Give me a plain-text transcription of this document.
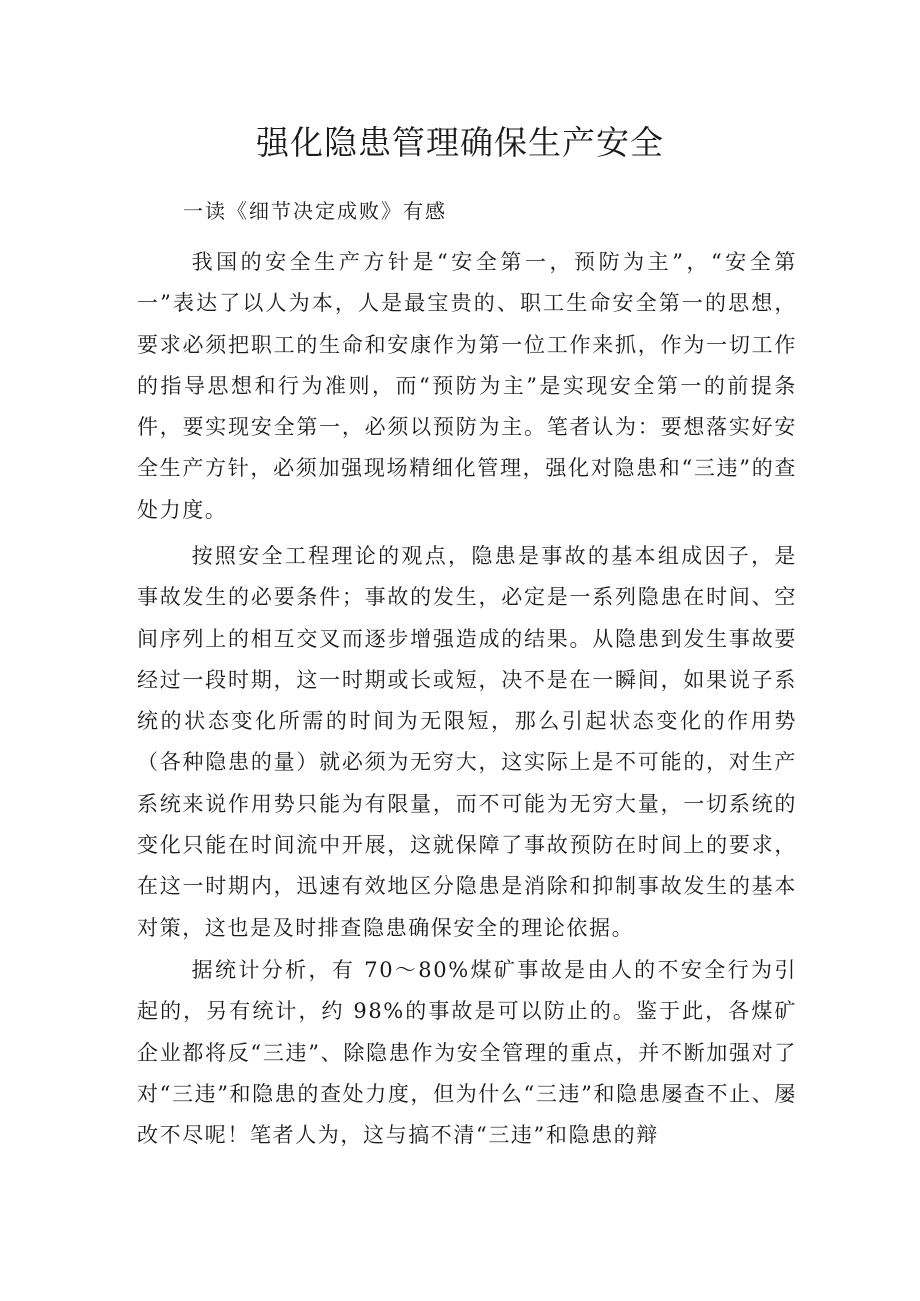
强化隐患管理确保生产安全

一读《细节决定成败》有感

我国的安全生产方针是“安全第一，预防为主”，“安全第一”表达了以人为本，人是最宝贵的、职工生命安全第一的思想，要求必须把职工的生命和安康作为第一位工作来抓，作为一切工作的指导思想和行为准则，而“预防为主”是实现安全第一的前提条件，要实现安全第一，必须以预防为主。笔者认为：要想落实好安全生产方针，必须加强现场精细化管理，强化对隐患和“三违”的查处力度。

按照安全工程理论的观点，隐患是事故的基本组成因子，是事故发生的必要条件；事故的发生，必定是一系列隐患在时间、空间序列上的相互交叉而逐步增强造成的结果。从隐患到发生事故要经过一段时期，这一时期或长或短，决不是在一瞬间，如果说子系统的状态变化所需的时间为无限短，那么引起状态变化的作用势（各种隐患的量）就必须为无穷大，这实际上是不可能的，对生产系统来说作用势只能为有限量，而不可能为无穷大量，一切系统的变化只能在时间流中开展，这就保障了事故预防在时间上的要求，在这一时期内，迅速有效地区分隐患是消除和抑制事故发生的基本对策，这也是及时排查隐患确保安全的理论依据。

据统计分析，有 70～80%煤矿事故是由人的不安全行为引起的，另有统计，约 98%的事故是可以防止的。鉴于此，各煤矿企业都将反“三违”、除隐患作为安全管理的重点，并不断加强对了对“三违”和隐患的查处力度，但为什么“三违”和隐患屡查不止、屡改不尽呢！笔者人为，这与搞不清“三违”和隐患的辩
